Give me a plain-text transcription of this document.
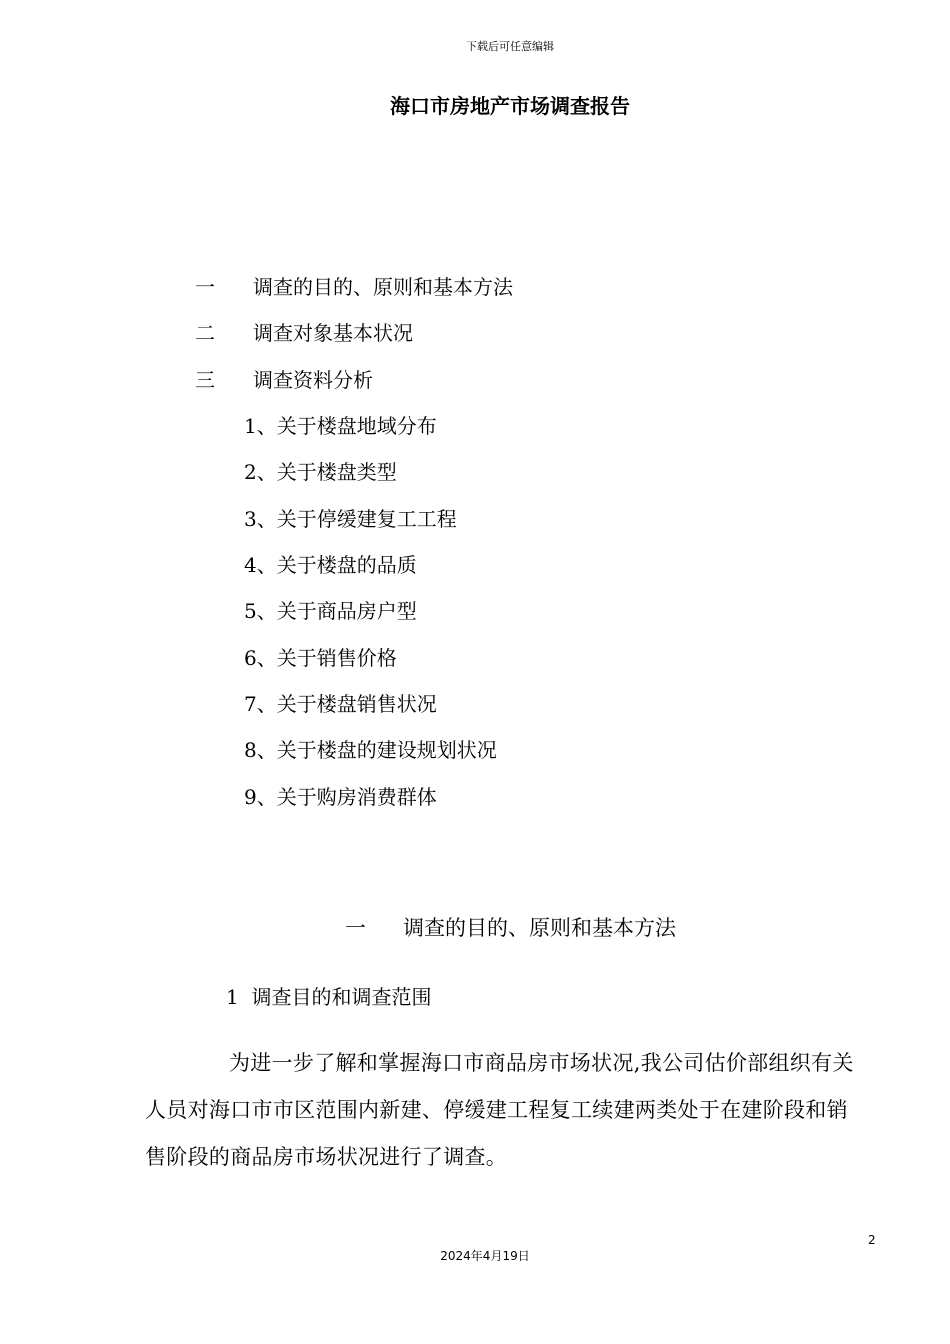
下载后可任意编辑
海口市房地产市场调查报告
一 调查的目的、原则和基本方法
二 调查对象基本状况
三 调查资料分析
1、关于楼盘地域分布
2、关于楼盘类型
3、关于停缓建复工工程
4、关于楼盘的品质
5、关于商品房户型
6、关于销售价格
7、关于楼盘销售状况
8、关于楼盘的建设规划状况
9、关于购房消费群体
一 调查的目的、原则和基本方法
1  调查目的和调查范围
为进一步了解和掌握海口市商品房市场状况,我公司估价部组织有关人员对海口市市区范围内新建、停缓建工程复工续建两类处于在建阶段和销售阶段的商品房市场状况进行了调查。
2
2024年4月19日
